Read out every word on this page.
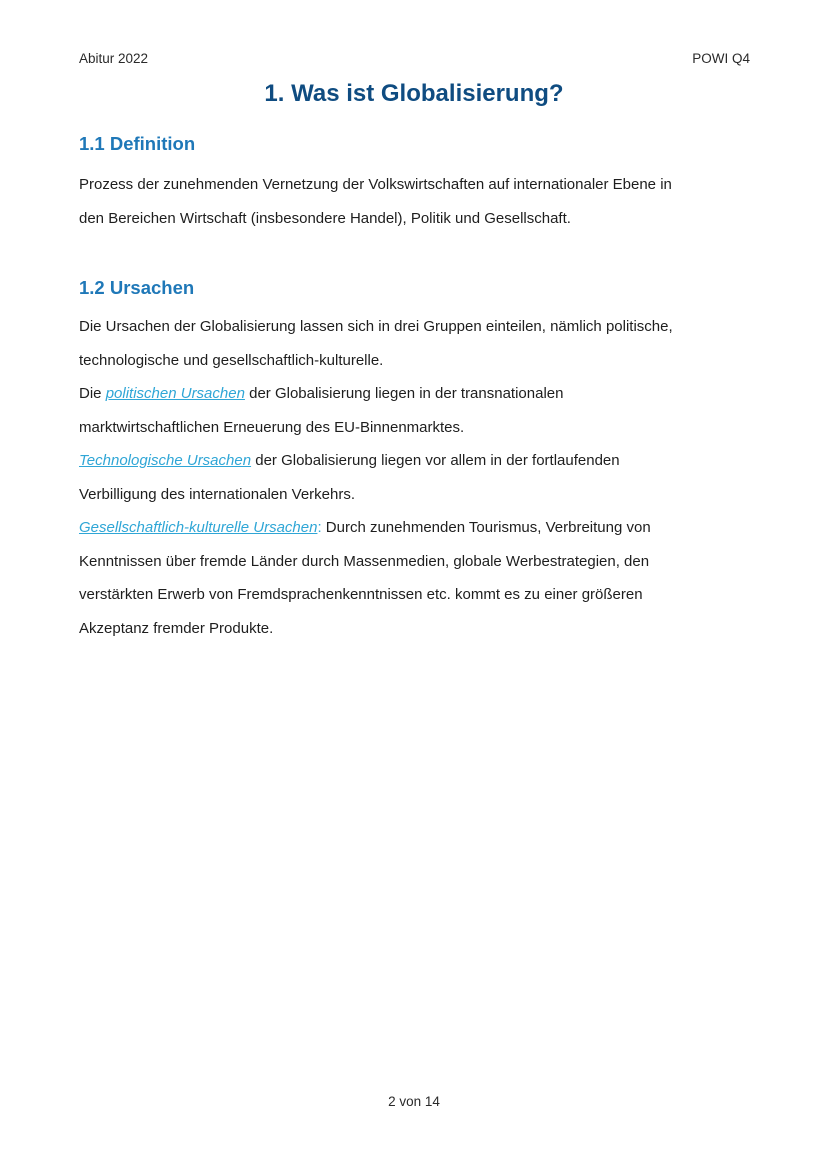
Abitur 2022	POWI Q4
1. Was ist Globalisierung?
1.1 Definition

Prozess der zunehmenden Vernetzung der Volkswirtschaften auf internationaler Ebene in
den Bereichen Wirtschaft (insbesondere Handel), Politik und Gesellschaft.

1.2 Ursachen

Die Ursachen der Globalisierung lassen sich in drei Gruppen einteilen, nämlich politische,
technologische und gesellschaftlich-kulturelle.

Die politischen Ursachen der Globalisierung liegen in der transnationalen
marktwirtschaftlichen Erneuerung des EU-Binnenmarktes.

Technologische Ursachen der Globalisierung liegen vor allem in der fortlaufenden
Verbilligung des internationalen Verkehrs.

Gesellschaftlich-kulturelle Ursachen: Durch zunehmenden Tourismus, Verbreitung von
Kenntnissen über fremde Länder durch Massenmedien, globale Werbestrategien, den
verstärkten Erwerb von Fremdsprachenkenntnissen etc. kommt es zu einer größeren
Akzeptanz fremder Produkte.

2 von 14
